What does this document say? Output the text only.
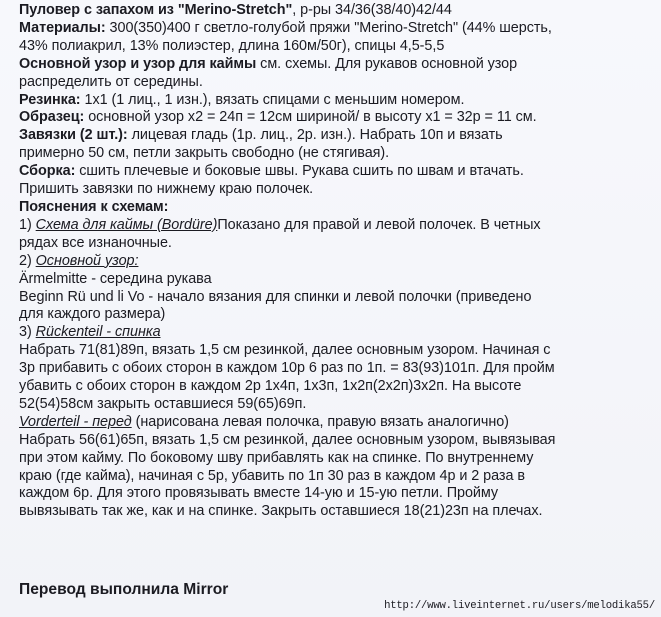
Пуловер с запахом из "Merino-Stretch", р-ры 34/36(38/40)42/44

Материалы: 300(350)400 г светло-голубой пряжи "Merino-Stretch" (44% шерсть,

43% полиакрил, 13% полиэстер, длина 160м/50г), спицы 4,5-5,5

Основной узор и узор для каймы см. схемы. Для рукавов основной узор

распределить от середины.

Резинка: 1х1 (1 лиц., 1 изн.), вязать спицами с меньшим номером.

Образец: основной узор х2 = 24п = 12см шириной/ в высоту х1 = 32р = 11 см.

Завязки (2 шт.): лицевая гладь (1р. лиц., 2р. изн.). Набрать 10п и вязать

примерно 50 см, петли закрыть свободно (не стягивая).

Сборка: сшить плечевые и боковые швы. Рукава сшить по швам и втачать.

Пришить завязки по нижнему краю полочек.

Пояснения к схемам:

1) Схема для каймы (Bordüre)Показано для правой и левой полочек. В четных

рядах все изнаночные.

2) Основной узор:

Ärmelmitte - середина рукава

Beginn Rü und li Vo - начало вязания для спинки и левой полочки (приведено

для каждого размера)

3) Rückenteil - спинка

Набрать 71(81)89п, вязать 1,5 см резинкой, далее основным узором. Начиная с

3р прибавить с обоих сторон в каждом 10р 6 раз по 1п. = 83(93)101п. Для пройм

убавить с обоих сторон в каждом 2р 1х4п, 1х3п, 1х2п(2х2п)3х2п. На высоте

52(54)58см закрыть оставшиеся 59(65)69п.

Vorderteil - перед (нарисована левая полочка, правую вязать аналогично)

Набрать 56(61)65п, вязать 1,5 см резинкой, далее основным узором, вывязывая

при этом кайму. По боковому шву прибавлять как на спинке. По внутреннему

краю (где кайма), начиная с 5р, убавить по 1п 30 раз в каждом 4р и 2 раза в

каждом 6р. Для этого провязывать вместе 14-ую и 15-ую петли. Пройму

вывязывать так же, как и на спинке. Закрыть оставшиеся 18(21)23п на плечах.

Перевод выполнила Mirror
http://www.liveinternet.ru/users/melodika55/
